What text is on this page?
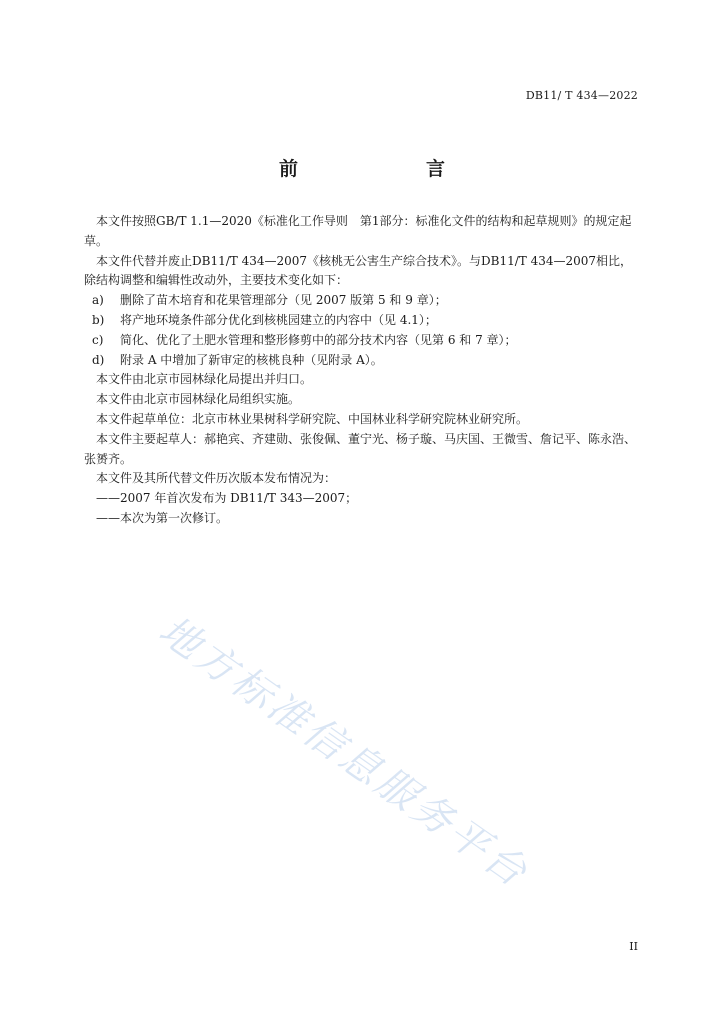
DB11/ T 434—2022
前　　言

本文件按照GB/T 1.1—2020《标准化工作导则　第1部分：标准化文件的结构和起草规则》的规定起草。

本文件代替并废止DB11/T 434—2007《核桃无公害生产综合技术》。与DB11/T 434—2007相比，除结构调整和编辑性改动外，主要技术变化如下：

a)	删除了苗木培育和花果管理部分（见 2007 版第 5 和 9 章）；
b)	将产地环境条件部分优化到核桃园建立的内容中（见 4.1）；
c)	简化、优化了土肥水管理和整形修剪中的部分技术内容（见第 6 和 7 章）；
d)	附录 A 中增加了新审定的核桃良种（见附录 A）。

本文件由北京市园林绿化局提出并归口。

本文件由北京市园林绿化局组织实施。

本文件起草单位：北京市林业果树科学研究院、中国林业科学研究院林业研究所。

本文件主要起草人：郝艳宾、齐建勋、张俊佩、董宁光、杨子璇、马庆国、王微雪、詹记平、陈永浩、张赟齐。

本文件及其所代替文件历次版本发布情况为：

——2007 年首次发布为 DB11/T 343—2007；

——本次为第一次修订。

地方标准信息服务平台
II
